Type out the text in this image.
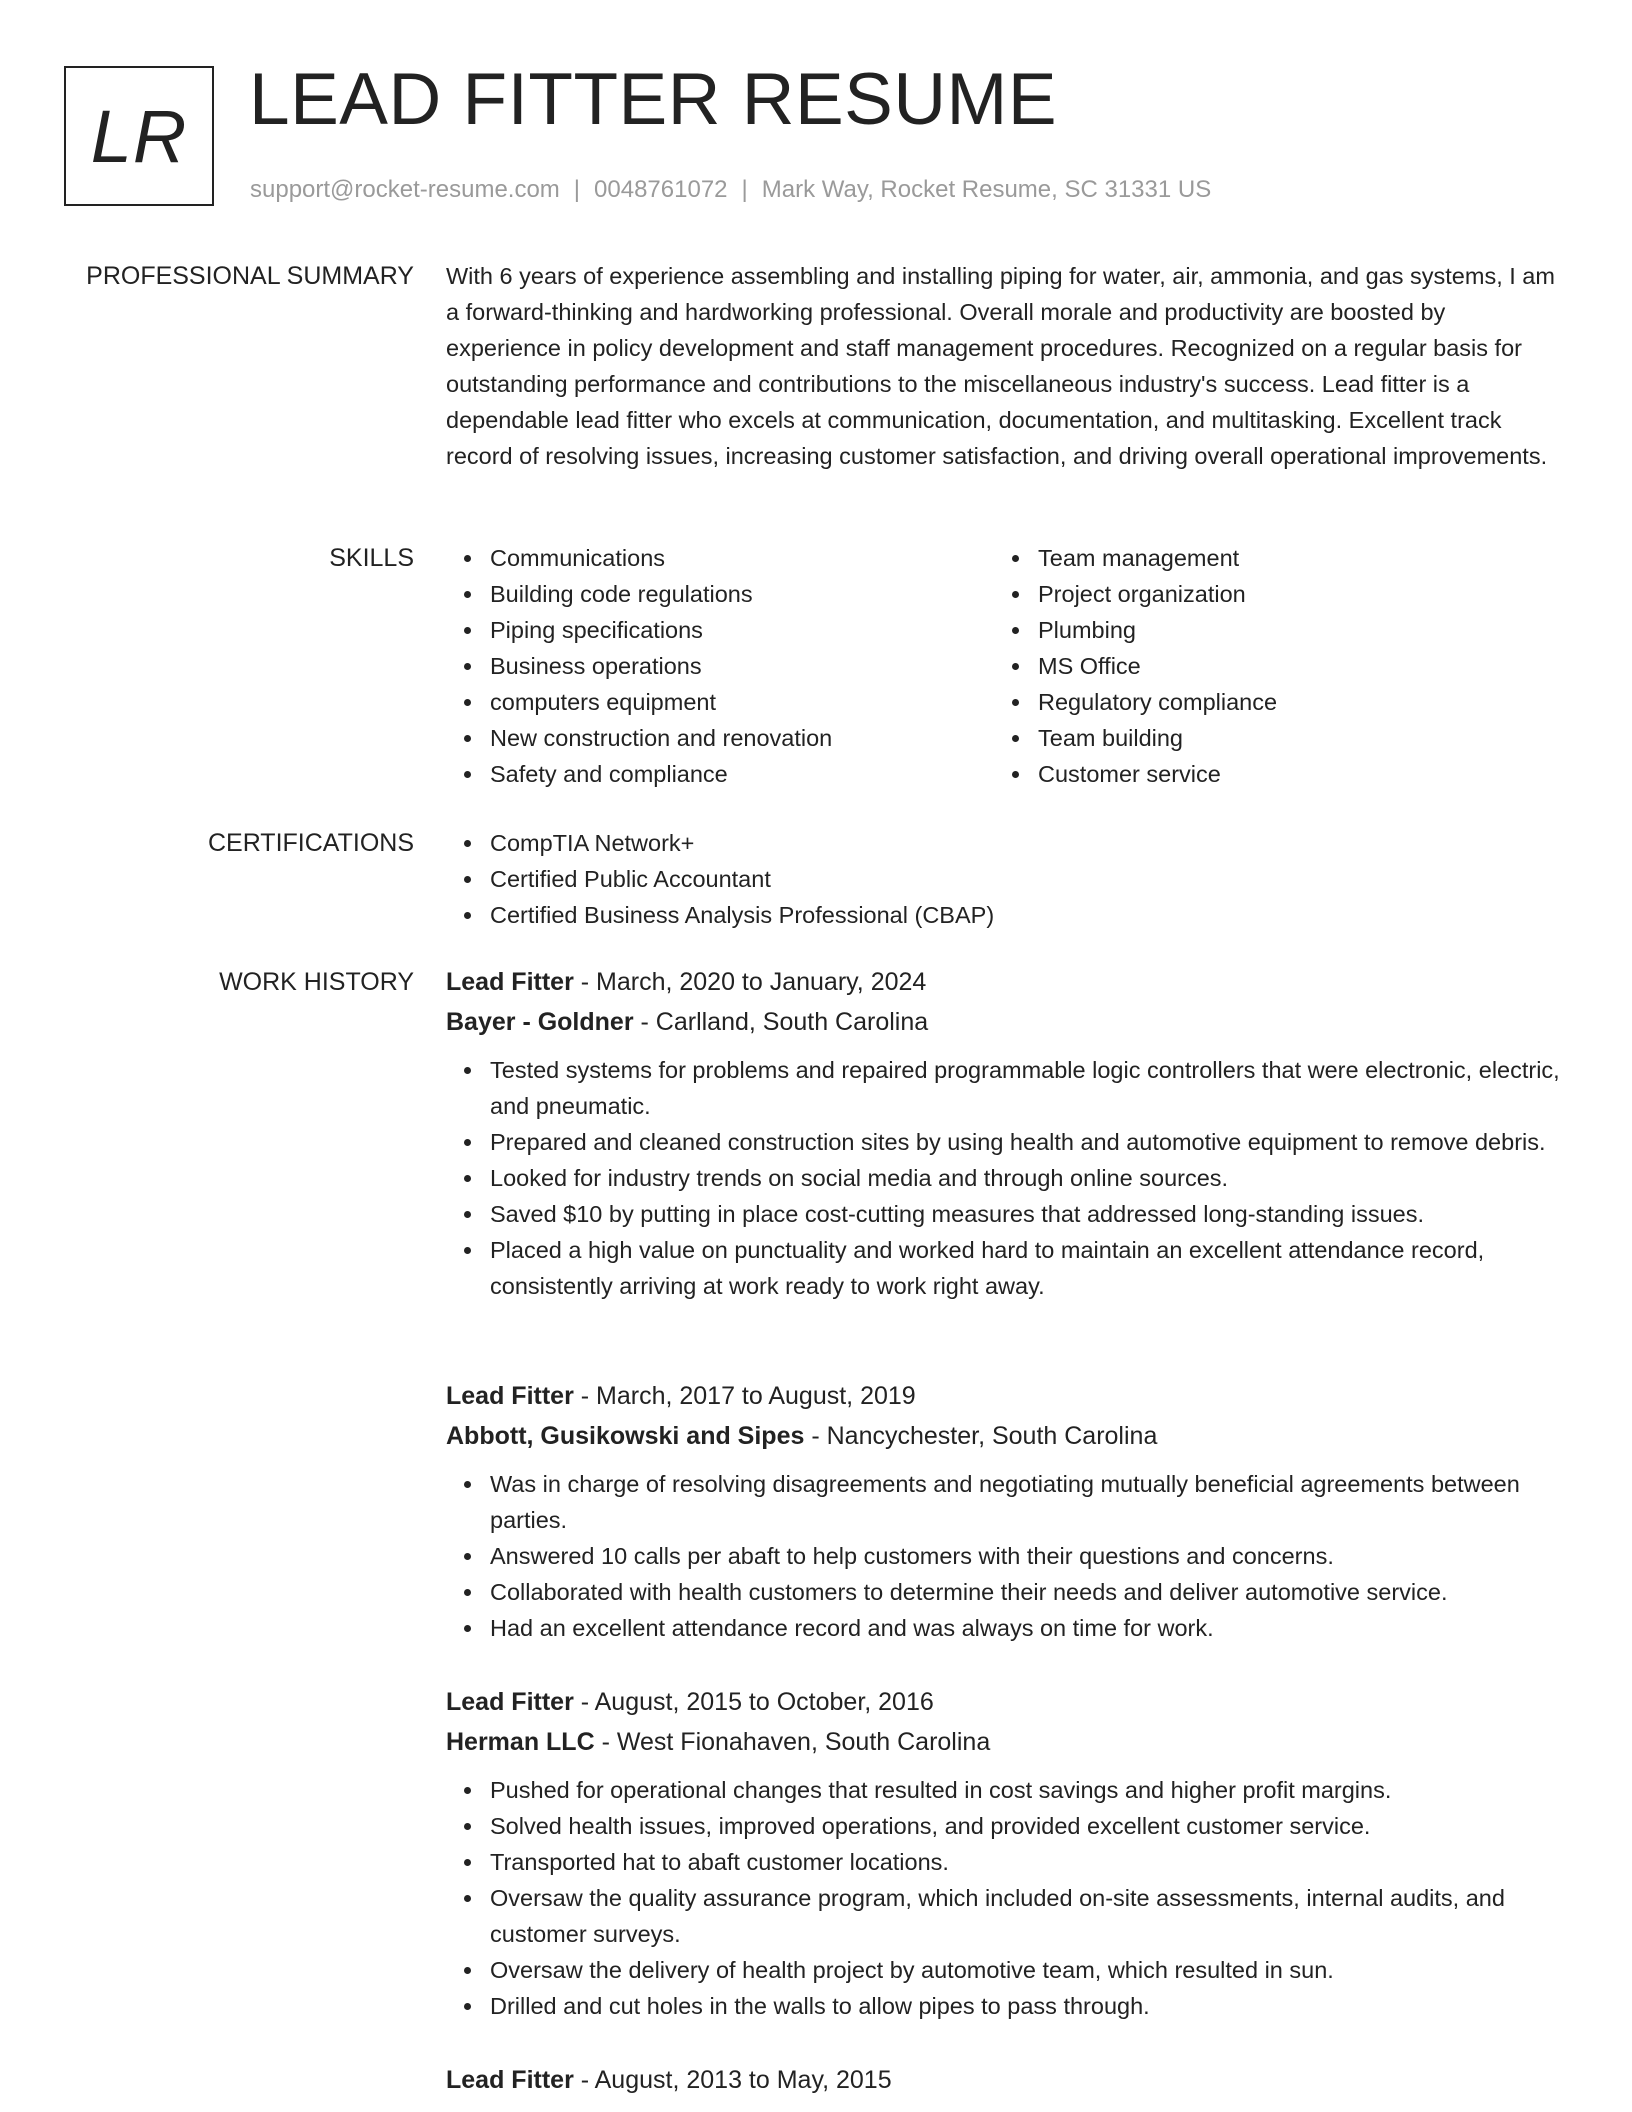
LR LEAD FITTER RESUME
support@rocket-resume.com | 0048761072 | Mark Way, Rocket Resume, SC 31331 US
PROFESSIONAL SUMMARY With 6 years of experience assembling and installing piping for water, air, ammonia, and gas systems, I am a forward-thinking and hardworking professional. Overall morale and productivity are boosted by experience in policy development and staff management procedures. Recognized on a regular basis for outstanding performance and contributions to the miscellaneous industry's success. Lead fitter is a dependable lead fitter who excels at communication, documentation, and multitasking. Excellent track record of resolving issues, increasing customer satisfaction, and driving overall operational improvements.

SKILLS	Communications
Building code regulations
Piping specifications
Business operations
computers equipment
New construction and renovation
Safety and compliance
Team management
Project organization
Plumbing
MS Office
Regulatory compliance
Team building
Customer service
CERTIFICATIONS	CompTIA Network+
Certified Public Accountant
Certified Business Analysis Professional (CBAP)
WORK HISTORY Lead Fitter - March, 2020 to January, 2024
Bayer - Goldner - Carlland, South Carolina
Tested systems for problems and repaired programmable logic controllers that were electronic, electric, and pneumatic.
Prepared and cleaned construction sites by using health and automotive equipment to remove debris.
Looked for industry trends on social media and through online sources.
Saved $10 by putting in place cost-cutting measures that addressed long-standing issues.
Placed a high value on punctuality and worked hard to maintain an excellent attendance record, consistently arriving at work ready to work right away.
Lead Fitter - March, 2017 to August, 2019
Abbott, Gusikowski and Sipes - Nancychester, South Carolina
Was in charge of resolving disagreements and negotiating mutually beneficial agreements between parties.
Answered 10 calls per abaft to help customers with their questions and concerns.
Collaborated with health customers to determine their needs and deliver automotive service.
Had an excellent attendance record and was always on time for work.
Lead Fitter - August, 2015 to October, 2016
Herman LLC - West Fionahaven, South Carolina
Pushed for operational changes that resulted in cost savings and higher profit margins.
Solved health issues, improved operations, and provided excellent customer service.
Transported hat to abaft customer locations.
Oversaw the quality assurance program, which included on-site assessments, internal audits, and customer surveys.
Oversaw the delivery of health project by automotive team, which resulted in sun.
Drilled and cut holes in the walls to allow pipes to pass through.
Lead Fitter - August, 2013 to May, 2015
